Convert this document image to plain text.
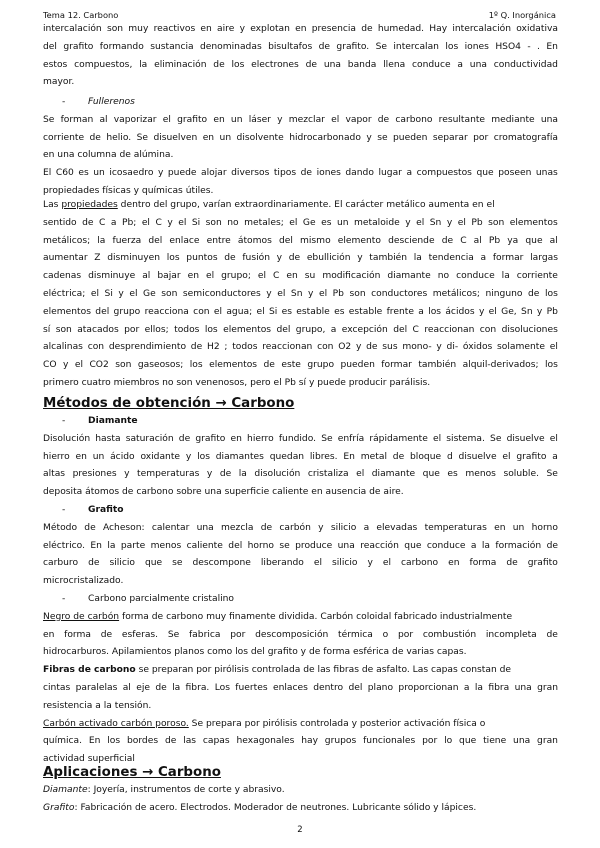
Tema 12. Carbono	1º Q. Inorgánica
intercalación son muy reactivos en aire y explotan en presencia de humedad. Hay intercalación oxidativa
del grafito formando sustancia denominadas bisultafos de grafito. Se intercalan los iones HSO4 - . En
estos compuestos, la eliminación de los electrones de una banda llena conduce a una conductividad
mayor.
-	Fullerenos
Se forman al vaporizar el grafito en un láser y mezclar el vapor de carbono resultante mediante una
corriente de helio. Se disuelven en un disolvente hidrocarbonado y se pueden separar por cromatografía
en una columna de alúmina.
El C60 es un icosaedro y puede alojar diversos tipos de iones dando lugar a compuestos que poseen unas
propiedades físicas y químicas útiles.
Las propiedades dentro del grupo, varían extraordinariamente. El carácter metálico aumenta en el
sentido de C a Pb; el C y el Si son no metales; el Ge es un metaloide y el Sn y el Pb son elementos
metálicos; la fuerza del enlace entre átomos del mismo elemento desciende de C al Pb ya que al
aumentar Z disminuyen los puntos de fusión y de ebullición y también la tendencia a formar largas
cadenas disminuye al bajar en el grupo; el C en su modificación diamante no conduce la corriente
eléctrica; el Si y el Ge son semiconductores y el Sn y el Pb son conductores metálicos; ninguno de los
elementos del grupo reacciona con el agua; el Si es estable es estable frente a los ácidos y el Ge, Sn y Pb
sí son atacados por ellos; todos los elementos del grupo, a excepción del C reaccionan con disoluciones
alcalinas con desprendimiento de H2 ; todos reaccionan con O2 y de sus mono- y di- óxidos solamente el
CO y el CO2 son gaseosos; los elementos de este grupo pueden formar también alquil-derivados; los
primero cuatro miembros no son venenosos, pero el Pb sí y puede producir parálisis.
Métodos de obtención → Carbono
-	Diamante
Disolución hasta saturación de grafito en hierro fundido. Se enfría rápidamente el sistema. Se disuelve el
hierro en un ácido oxidante y los diamantes quedan libres. En metal de bloque d disuelve el grafito a
altas presiones y temperaturas y de la disolución cristaliza el diamante que es menos soluble. Se
deposita átomos de carbono sobre una superficie caliente en ausencia de aire.
-	Grafito
Método de Acheson: calentar una mezcla de carbón y silicio a elevadas temperaturas en un horno
eléctrico. En la parte menos caliente del horno se produce una reacción que conduce a la formación de
carburo de silicio que se descompone liberando el silicio y el carbono en forma de grafito
microcristalizado.
-	Carbono parcialmente cristalino
Negro de carbón forma de carbono muy finamente dividida. Carbón coloidal fabricado industrialmente
en forma de esferas. Se fabrica por descomposición térmica o por combustión incompleta de
hidrocarburos. Apilamientos planos como los del grafito y de forma esférica de varias capas.
Fibras de carbono se preparan por pirólisis controlada de las fibras de asfalto. Las capas constan de
cintas paralelas al eje de la fibra. Los fuertes enlaces dentro del plano proporcionan a la fibra una gran
resistencia a la tensión.
Carbón activado carbón poroso. Se prepara por pirólisis controlada y posterior activación física o
química. En los bordes de las capas hexagonales hay grupos funcionales por lo que tiene una gran
actividad superficial
Aplicaciones → Carbono
Diamante: Joyería, instrumentos de corte y abrasivo.
Grafito: Fabricación de acero. Electrodos. Moderador de neutrones. Lubricante sólido y lápices.
2
